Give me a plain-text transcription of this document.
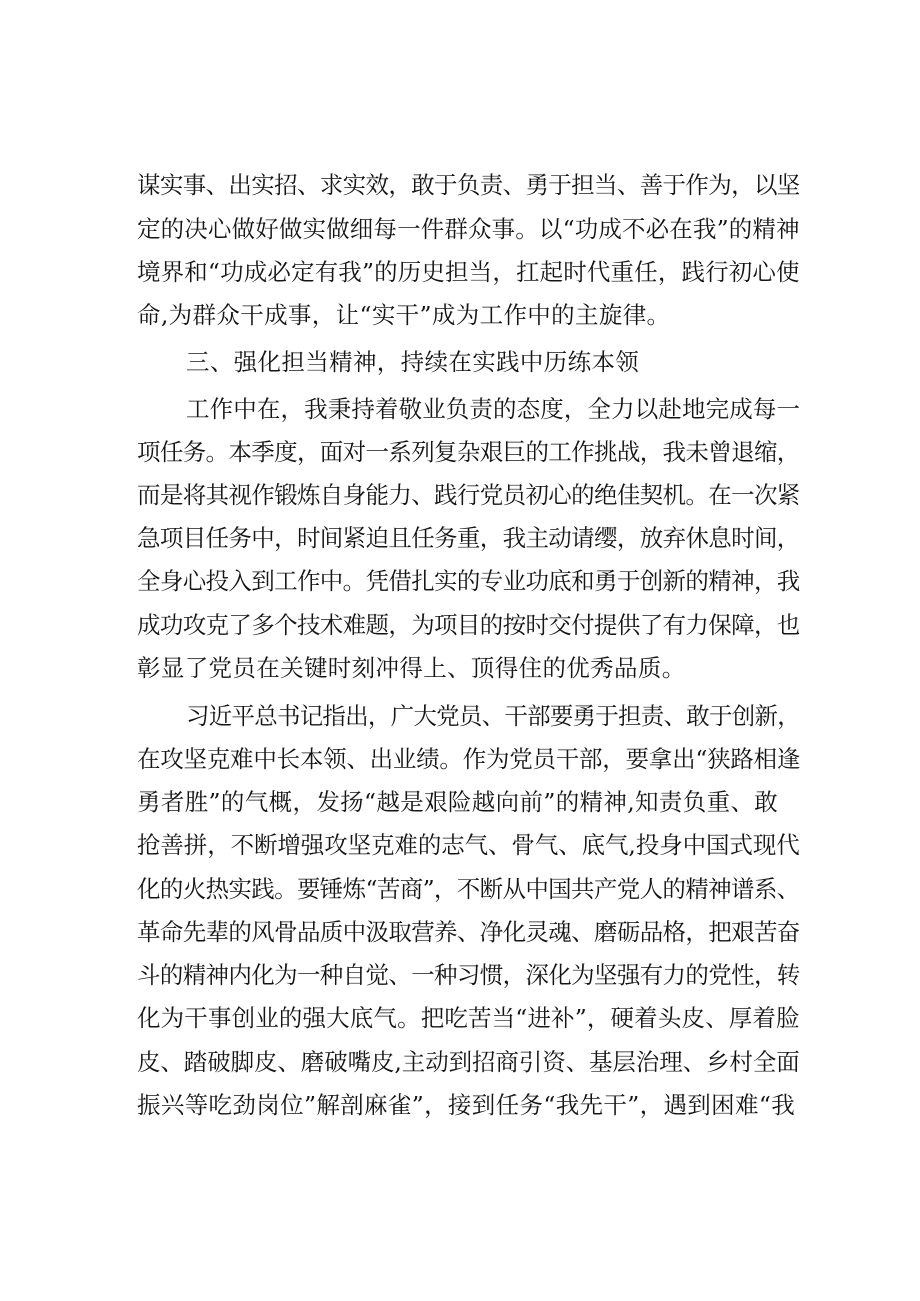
谋实事、出实招、求实效，敢于负责、勇于担当、善于作为，以坚
定的决心做好做实做细每一件群众事。以“功成不必在我”的精神
境界和“功成必定有我”的历史担当，扛起时代重任，践行初心使
命,为群众干成事，让“实干”成为工作中的主旋律。
三、强化担当精神，持续在实践中历练本领
工作中在，我秉持着敬业负责的态度，全力以赴地完成每一
项任务。本季度，面对一系列复杂艰巨的工作挑战，我未曾退缩，
而是将其视作锻炼自身能力、践行党员初心的绝佳契机。在一次紧
急项目任务中，时间紧迫且任务重，我主动请缨，放弃休息时间，
全身心投入到工作中。凭借扎实的专业功底和勇于创新的精神，我
成功攻克了多个技术难题，为项目的按时交付提供了有力保障，也
彰显了党员在关键时刻冲得上、顶得住的优秀品质。
习近平总书记指出，广大党员、干部要勇于担责、敢于创新，
在攻坚克难中长本领、出业绩。作为党员干部，要拿出“狭路相逢
勇者胜”的气概，发扬“越是艰险越向前”的精神,知责负重、敢
抢善拼，不断增强攻坚克难的志气、骨气、底气,投身中国式现代
化的火热实践。要锤炼“苦商”，不断从中国共产党人的精神谱系、
革命先辈的风骨品质中汲取营养、净化灵魂、磨砺品格，把艰苦奋
斗的精神内化为一种自觉、一种习惯，深化为坚强有力的党性，转
化为干事创业的强大底气。把吃苦当“进补”，硬着头皮、厚着脸
皮、踏破脚皮、磨破嘴皮,主动到招商引资、基层治理、乡村全面
振兴等吃劲岗位”解剖麻雀”，接到任务“我先干”，遇到困难“我
